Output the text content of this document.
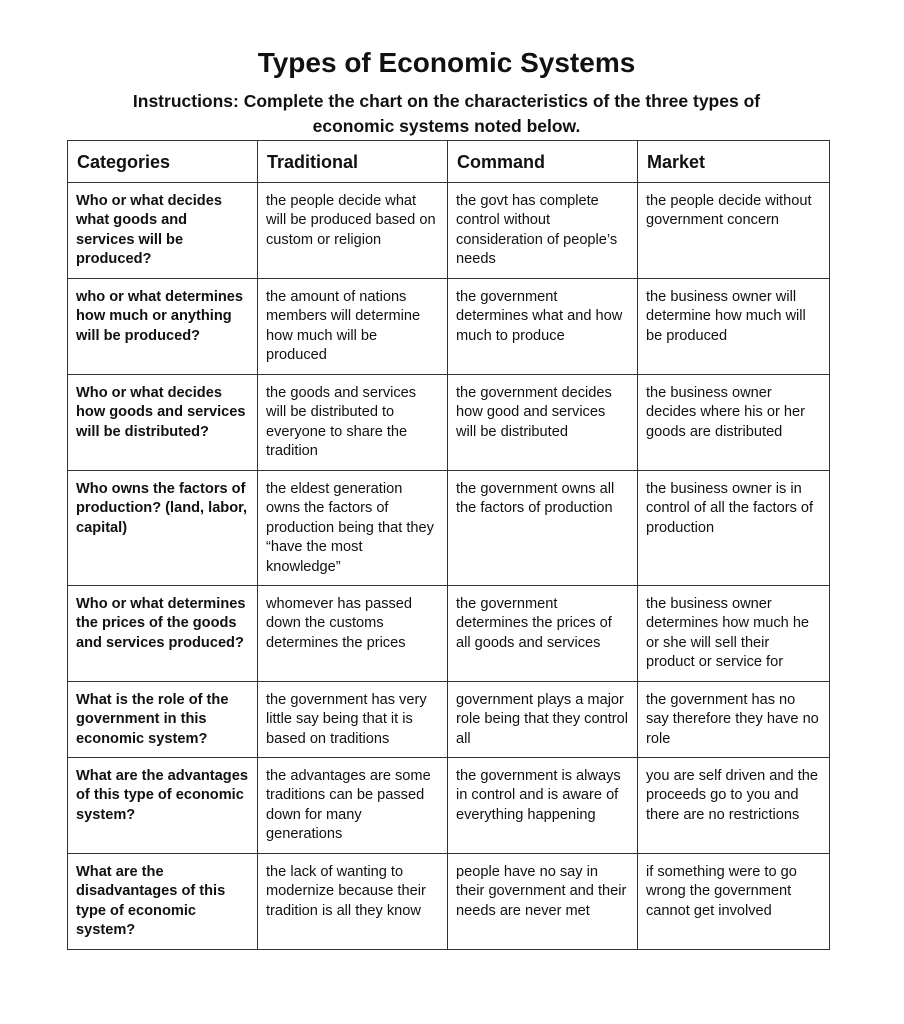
Types of Economic Systems
Instructions: Complete the chart on the characteristics of the three types of economic systems noted below.
Categories	Traditional	Command	Market
Who or what decides what goods and services will be produced?	the people decide what will be produced based on custom or religion	the govt has complete control without consideration of people’s needs	the people decide without government concern
who or what determines how much or anything will be produced?	the amount of nations members will determine how much will be produced	the government determines what and how much to produce	the business owner will determine how much will be produced
Who or what decides how goods and services will be distributed?	the goods and services will be distributed to everyone to share the tradition	the government decides how good and services will be distributed	the business owner decides where his or her goods are distributed
Who owns the factors of production? (land, labor, capital)	the eldest generation owns the factors of production being that they “have the most knowledge”	the government owns all the factors of production	the business owner is in control of all the factors of production
Who or what determines the prices of the goods and services produced?	whomever has passed down the customs determines the prices	the government determines the prices of all goods and services	the business owner determines how much he or she will sell their product or service for
What is the role of the government in this economic system?	the government has very little say being that it is based on traditions	government plays a major role being that they control all	the government has no say therefore they have no role
What are the advantages of this type of economic system?	the advantages are some traditions can be passed down for many generations	the government is always in control and is aware of everything happening	you are self driven and the proceeds go to you and there are no restrictions
What are the disadvantages of this type of economic system?	the lack of wanting to modernize because their tradition is all they know	people have no say in their government and their needs are never met	if something were to go wrong the government cannot get involved
